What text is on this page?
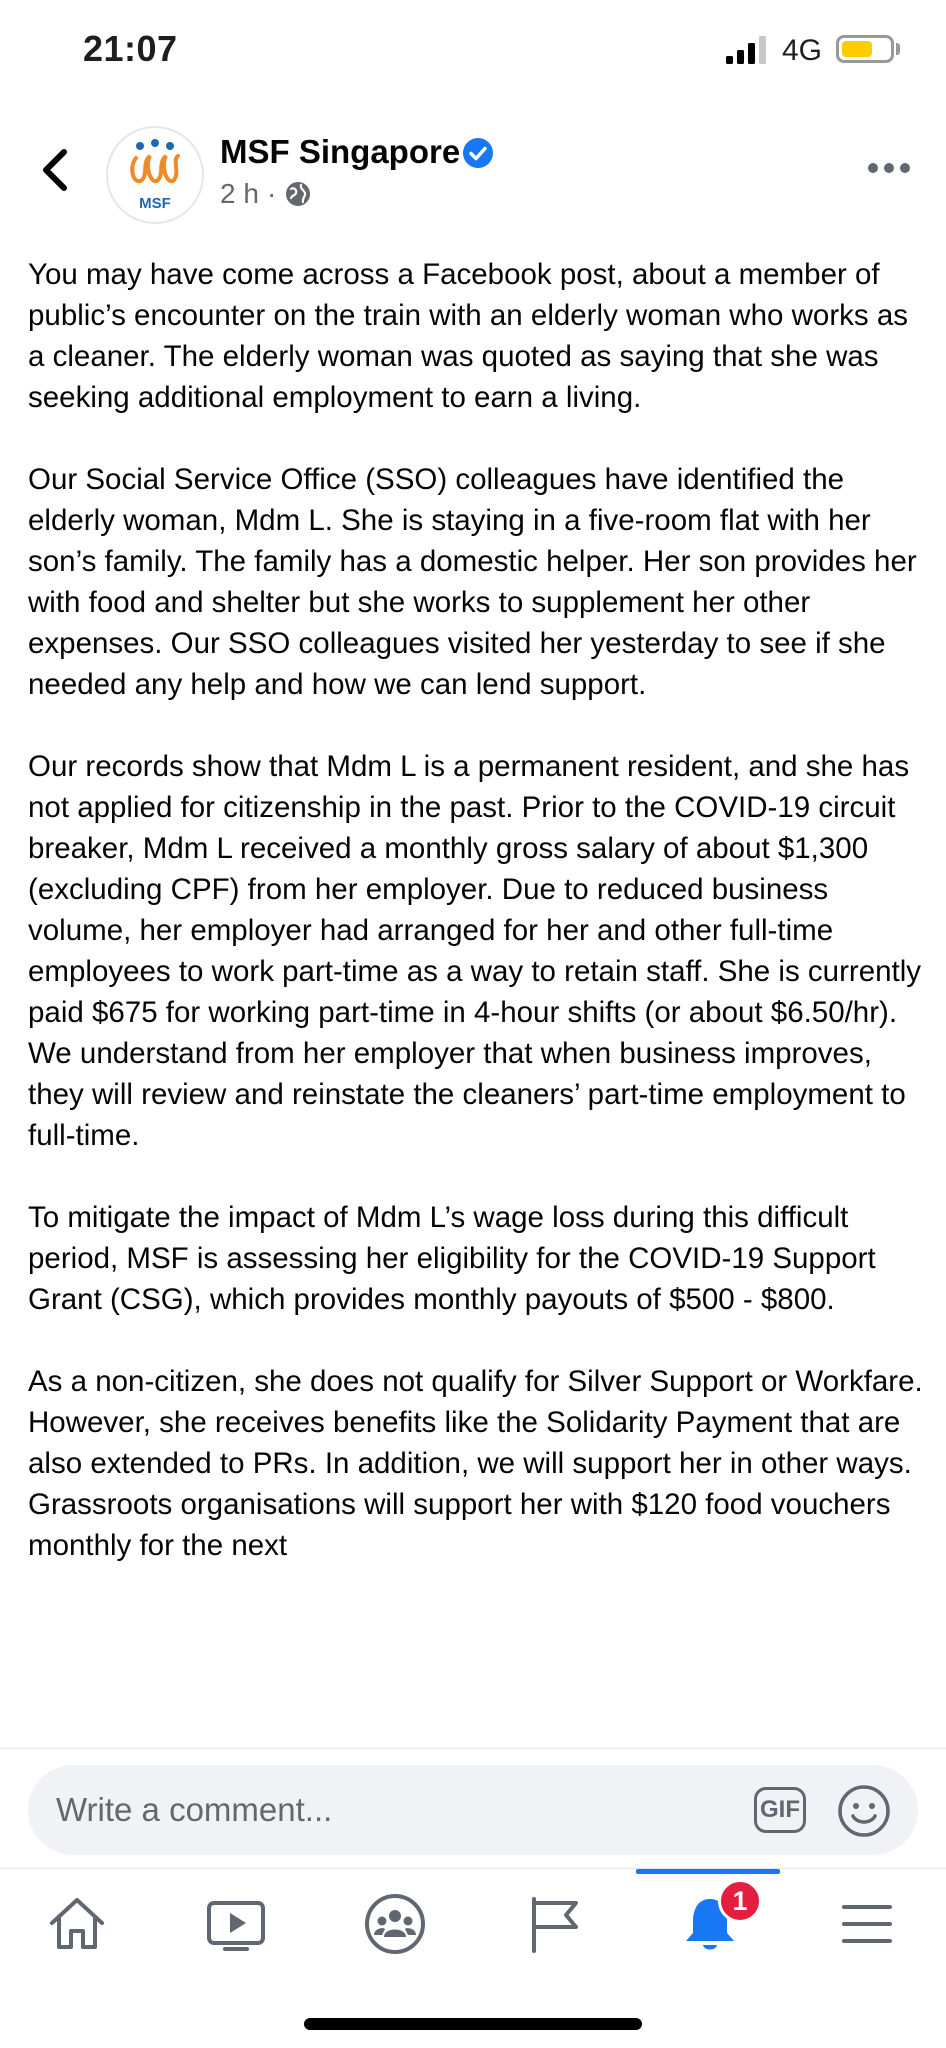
21:07	4G
MSF
MSF Singapore
2 h ·

You may have come across a Facebook post, about a member of public’s encounter on the train with an elderly woman who works as a cleaner. The elderly woman was quoted as saying that she was seeking additional employment to earn a living.

Our Social Service Office (SSO) colleagues have identified the elderly woman, Mdm L. She is staying in a five-room flat with her son’s family. The family has a domestic helper. Her son provides her with food and shelter but she works to supplement her other expenses. Our SSO colleagues visited her yesterday to see if she needed any help and how we can lend support.

Our records show that Mdm L is a permanent resident, and she has not applied for citizenship in the past. Prior to the COVID-19 circuit breaker, Mdm L received a monthly gross salary of about $1,300 (excluding CPF) from her employer. Due to reduced business volume, her employer had arranged for her and other full-time employees to work part-time as a way to retain staff. She is currently paid $675 for working part-time in 4-hour shifts (or about $6.50/hr). We understand from her employer that when business improves, they will review and reinstate the cleaners’ part-time employment to full-time.

To mitigate the impact of Mdm L’s wage loss during this difficult period, MSF is assessing her eligibility for the COVID-19 Support Grant (CSG), which provides monthly payouts of $500 - $800.

As a non-citizen, she does not qualify for Silver Support or Workfare. However, she receives benefits like the Solidarity Payment that are also extended to PRs. In addition, we will support her in other ways. Grassroots organisations will support her with $120 food vouchers monthly for the next

Write a comment...	GIF
1
